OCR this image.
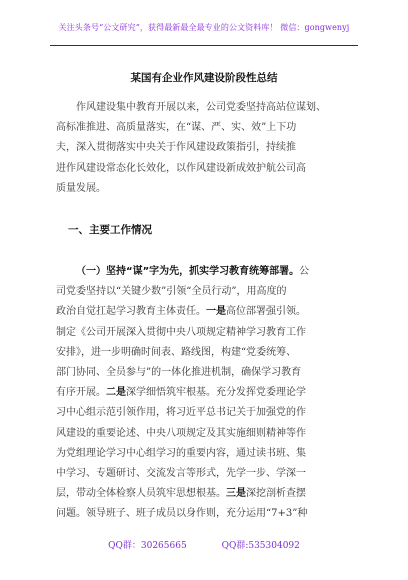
关注头条号“公文研究”，获得最新最全最专业的公文资料库！ 微信：gongwenyj
某国有企业作风建设阶段性总结
作风建设集中教育开展以来，公司党委坚持高站位谋划、
高标准推进、高质量落实，在“谋、严、实、效”上下功
夫，深入贯彻落实中央关于作风建设政策指引，持续推
进作风建设常态化长效化，以作风建设新成效护航公司高
质量发展。
一、主要工作情况
（一）坚持“谋”字为先，抓实学习教育统筹部署。公
司党委坚持以“关键少数”引领“全员行动”，用高度的
政治自觉扛起学习教育主体责任。一是高位部署强引领。
制定《公司开展深入贯彻中央八项规定精神学习教育工作
安排》，进一步明确时间表、路线图，构建“党委统筹、
部门协同、全员参与”的一体化推进机制，确保学习教育
有序开展。二是深学细悟筑牢根基。充分发挥党委理论学
习中心组示范引领作用，将习近平总书记关于加强党的作
风建设的重要论述、中央八项规定及其实施细则精神等作
为党组理论学习中心组学习的重要内容，通过读书班、集
中学习、专题研讨、交流发言等形式，先学一步、学深一
层，带动全体检察人员筑牢思想根基。三是深挖剖析查摆
问题。领导班子、班子成员以身作则，充分运用“7+3”种
QQ群：30265665	QQ群:535304092
